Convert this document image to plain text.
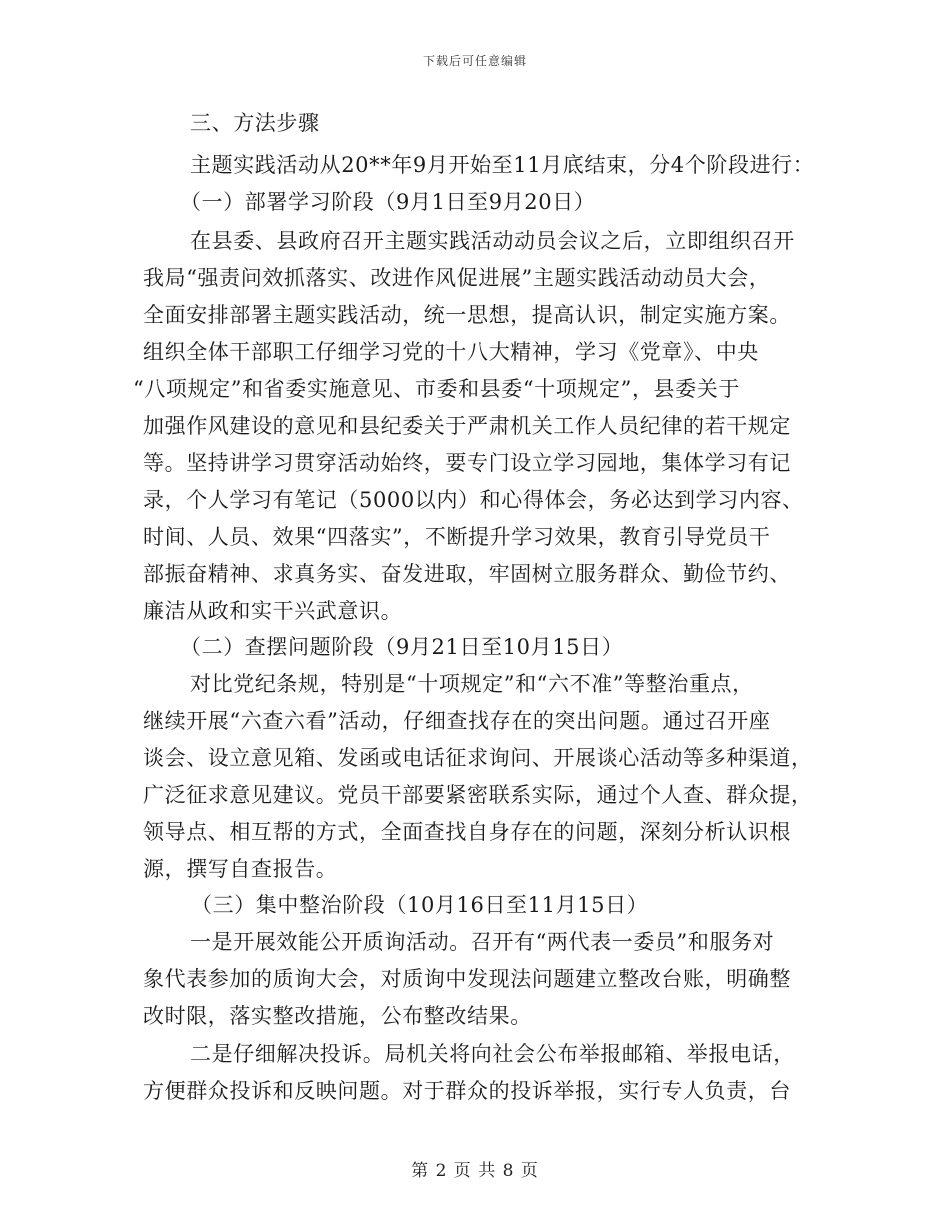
下载后可任意编辑
三、方法步骤
主题实践活动从20**年9月开始至11月底结束，分4个阶段进行：
（一）部署学习阶段（9月1日至9月20日）
在县委、县政府召开主题实践活动动员会议之后，立即组织召开
我局“强责问效抓落实、改进作风促进展”主题实践活动动员大会，
全面安排部署主题实践活动，统一思想，提高认识，制定实施方案。
组织全体干部职工仔细学习党的十八大精神，学习《党章》、中央
“八项规定”和省委实施意见、市委和县委“十项规定”，县委关于
加强作风建设的意见和县纪委关于严肃机关工作人员纪律的若干规定
等。坚持讲学习贯穿活动始终，要专门设立学习园地，集体学习有记
录，个人学习有笔记（5000以内）和心得体会，务必达到学习内容、
时间、人员、效果“四落实”，不断提升学习效果，教育引导党员干
部振奋精神、求真务实、奋发进取，牢固树立服务群众、勤俭节约、
廉洁从政和实干兴武意识。
（二）查摆问题阶段（9月21日至10月15日）
对比党纪条规，特别是“十项规定”和“六不准”等整治重点，
继续开展“六查六看”活动，仔细查找存在的突出问题。通过召开座
谈会、设立意见箱、发函或电话征求询问、开展谈心活动等多种渠道，
广泛征求意见建议。党员干部要紧密联系实际，通过个人查、群众提，
领导点、相互帮的方式，全面查找自身存在的问题，深刻分析认识根
源，撰写自查报告。
（三）集中整治阶段（10月16日至11月15日）
一是开展效能公开质询活动。召开有“两代表一委员”和服务对
象代表参加的质询大会，对质询中发现法问题建立整改台账，明确整
改时限，落实整改措施，公布整改结果。
二是仔细解决投诉。局机关将向社会公布举报邮箱、举报电话，
方便群众投诉和反映问题。对于群众的投诉举报，实行专人负责，台
第 2 页 共 8 页
